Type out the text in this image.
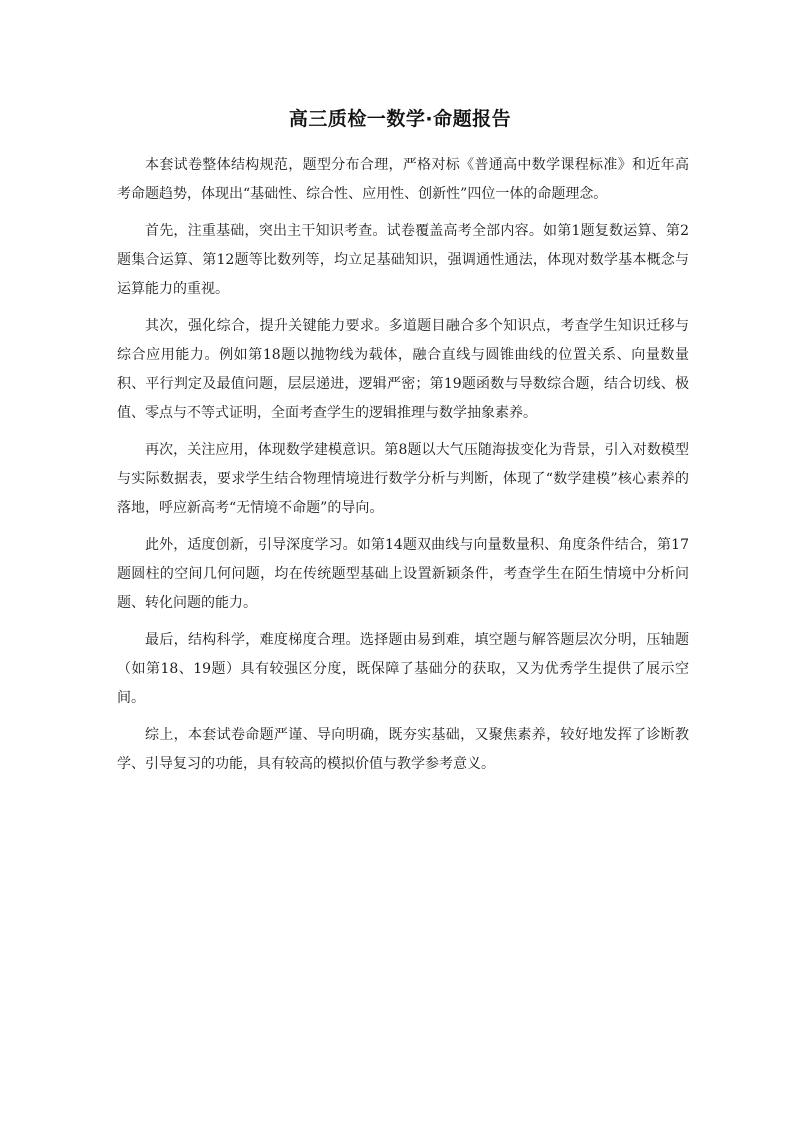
高三质检一数学·命题报告

本套试卷整体结构规范，题型分布合理，严格对标《普通高中数学课程标准》和近年高考命题趋势，体现出“基础性、综合性、应用性、创新性”四位一体的命题理念。

首先，注重基础，突出主干知识考查。试卷覆盖高考全部内容。如第1题复数运算、第2题集合运算、第12题等比数列等，均立足基础知识，强调通性通法，体现对数学基本概念与运算能力的重视。

其次，强化综合，提升关键能力要求。多道题目融合多个知识点，考查学生知识迁移与综合应用能力。例如第18题以抛物线为载体，融合直线与圆锥曲线的位置关系、向量数量积、平行判定及最值问题，层层递进，逻辑严密；第19题函数与导数综合题，结合切线、极值、零点与不等式证明，全面考查学生的逻辑推理与数学抽象素养。

再次，关注应用，体现数学建模意识。第8题以大气压随海拔变化为背景，引入对数模型与实际数据表，要求学生结合物理情境进行数学分析与判断，体现了“数学建模”核心素养的落地，呼应新高考“无情境不命题”的导向。

此外，适度创新，引导深度学习。如第14题双曲线与向量数量积、角度条件结合，第17题圆柱的空间几何问题，均在传统题型基础上设置新颖条件，考查学生在陌生情境中分析问题、转化问题的能力。

最后，结构科学，难度梯度合理。选择题由易到难，填空题与解答题层次分明，压轴题（如第18、19题）具有较强区分度，既保障了基础分的获取，又为优秀学生提供了展示空间。

综上，本套试卷命题严谨、导向明确，既夯实基础，又聚焦素养，较好地发挥了诊断教学、引导复习的功能，具有较高的模拟价值与教学参考意义。
